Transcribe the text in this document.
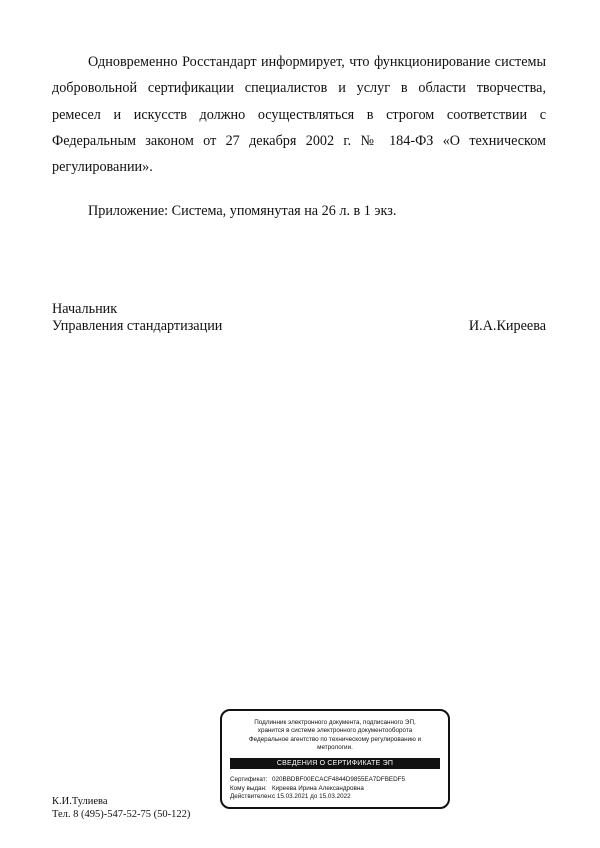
Одновременно Росстандарт информирует, что функционирование системы добровольной сертификации специалистов и услуг в области творчества, ремесел и искусств должно осуществляться в строгом соответствии с Федеральным законом от 27 декабря 2002 г. № 184-ФЗ «О техническом регулировании».

Приложение: Система, упомянутая на 26 л. в 1 экз.

Начальник
Управления стандартизации	И.А.Киреева
Подлинник электронного документа, подписанного ЭП,
хранится в системе электронного документооборота
Федеральное агентство по техническому регулированию и
метрологии.
СВЕДЕНИЯ О СЕРТИФИКАТЕ ЭП
Сертификат: 020BBDBF00ECACF4844D9855EA7DFBEDF5
Кому выдан: Киреева Ирина Александровна
Действителен:с 15.03.2021 до 15.03.2022
К.И.Тулиева
Тел. 8 (495)-547-52-75 (50-122)
